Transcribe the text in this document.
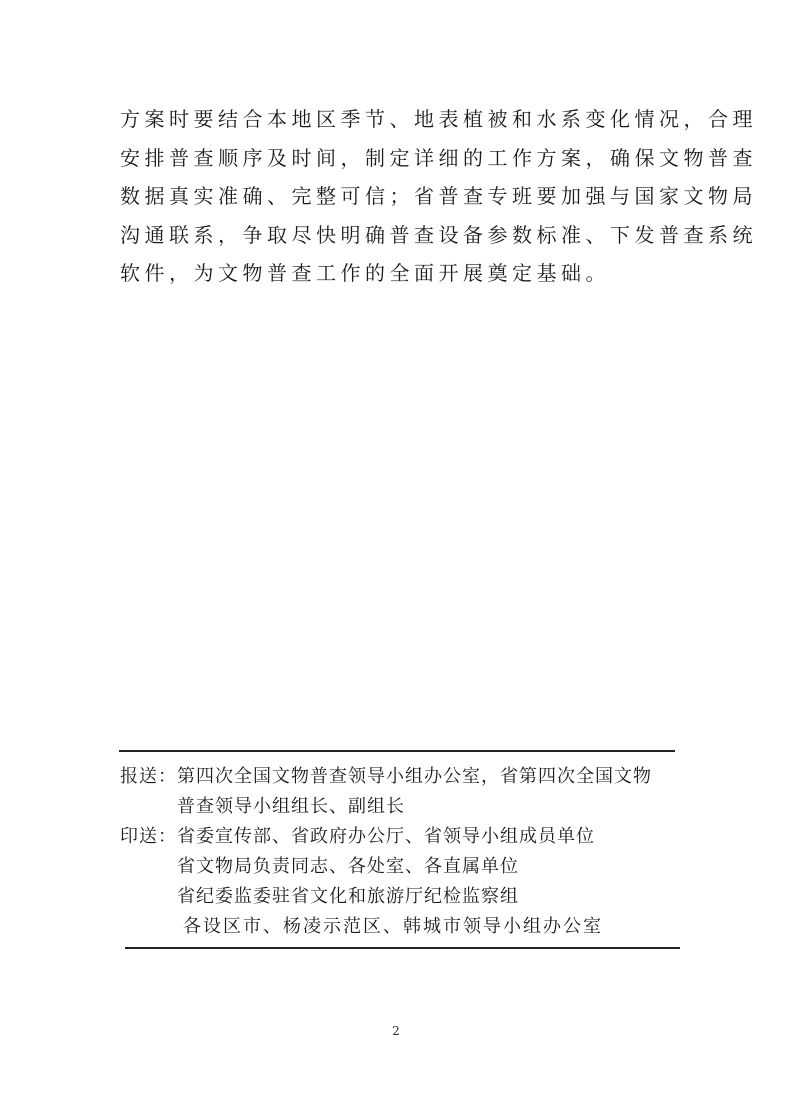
方案时要结合本地区季节、地表植被和水系变化情况，合理
安排普查顺序及时间，制定详细的工作方案，确保文物普查
数据真实准确、完整可信；省普查专班要加强与国家文物局
沟通联系，争取尽快明确普查设备参数标准、下发普查系统
软件，为文物普查工作的全面开展奠定基础。
报送：第四次全国文物普查领导小组办公室，省第四次全国文物
普查领导小组组长、副组长
印送：省委宣传部、省政府办公厅、省领导小组成员单位
省文物局负责同志、各处室、各直属单位
省纪委监委驻省文化和旅游厅纪检监察组
各设区市、杨凌示范区、韩城市领导小组办公室
2
